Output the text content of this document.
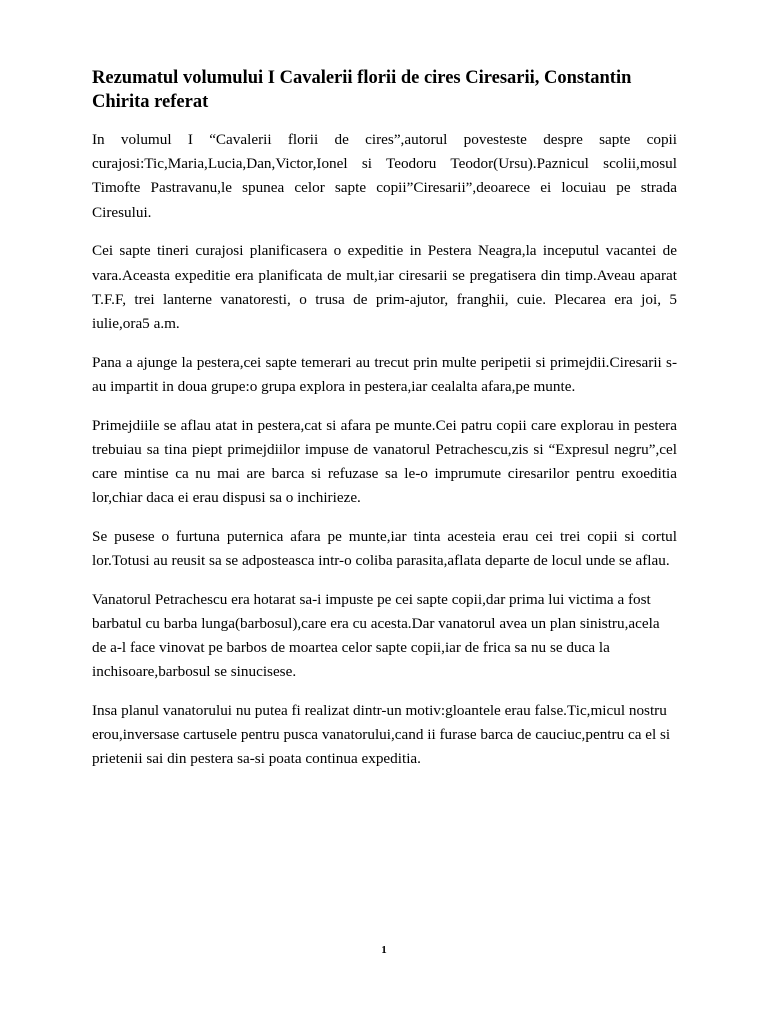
Rezumatul volumului I Cavalerii florii de cires Ciresarii, Constantin Chirita referat

In volumul I “Cavalerii florii de cires”,autorul povesteste despre sapte copii curajosi:Tic,Maria,Lucia,Dan,Victor,Ionel si Teodoru Teodor(Ursu).Paznicul scolii,mosul Timofte Pastravanu,le spunea celor sapte copii”Ciresarii”,deoarece ei locuiau pe strada Ciresului.

Cei sapte tineri curajosi planificasera o expeditie in Pestera Neagra,la inceputul vacantei de vara.Aceasta expeditie era planificata de mult,iar ciresarii se pregatisera din timp.Aveau aparat T.F.F, trei lanterne vanatoresti, o trusa de prim-ajutor, franghii, cuie. Plecarea era joi, 5 iulie,ora5 a.m.

Pana a ajunge la pestera,cei sapte temerari au trecut prin multe peripetii si primejdii.Ciresarii s-au impartit in doua grupe:o grupa explora in pestera,iar cealalta afara,pe munte.

Primejdiile se aflau atat in pestera,cat si afara pe munte.Cei patru copii care explorau in pestera trebuiau sa tina piept primejdiilor impuse de vanatorul Petrachescu,zis si “Expresul negru”,cel care mintise ca nu mai are barca si refuzase sa le-o imprumute ciresarilor pentru exoeditia lor,chiar daca ei erau dispusi sa o inchirieze.

Se pusese o furtuna puternica afara pe munte,iar tinta acesteia erau cei trei copii si cortul lor.Totusi au reusit sa se adposteasca intr-o coliba parasita,aflata departe de locul unde se aflau.

Vanatorul Petrachescu era hotarat sa-i impuste pe cei sapte copii,dar prima lui victima a fost barbatul cu barba lunga(barbosul),care era cu acesta.Dar vanatorul avea un plan sinistru,acela de a-l face vinovat pe barbos de moartea celor sapte copii,iar de frica sa nu se duca la inchisoare,barbosul se sinucisese.

Insa planul vanatorului nu putea fi realizat dintr-un motiv:gloantele erau false.Tic,micul nostru erou,inversase cartusele pentru pusca vanatorului,cand ii furase barca de cauciuc,pentru ca el si prietenii sai din pestera sa-si poata continua expeditia.

1
